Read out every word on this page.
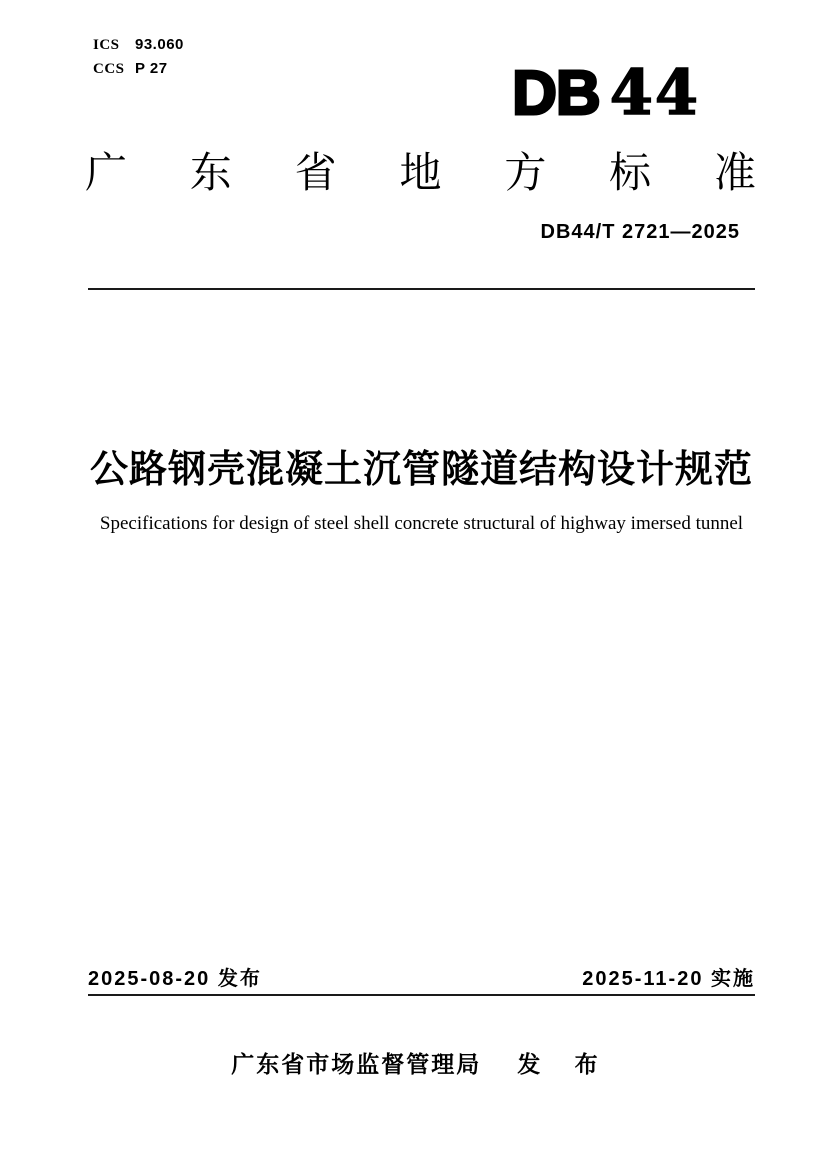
ICS 93.060
CCS P 27	DB 44
广 东 省 地 方 标 准
DB44/T 2721—2025
公路钢壳混凝土沉管隧道结构设计规范
Specifications for design of steel shell concrete structural of highway imersed tunnel
2025-08-20 发布	2025-11-20 实施
广东省市场监督管理局 发 布
